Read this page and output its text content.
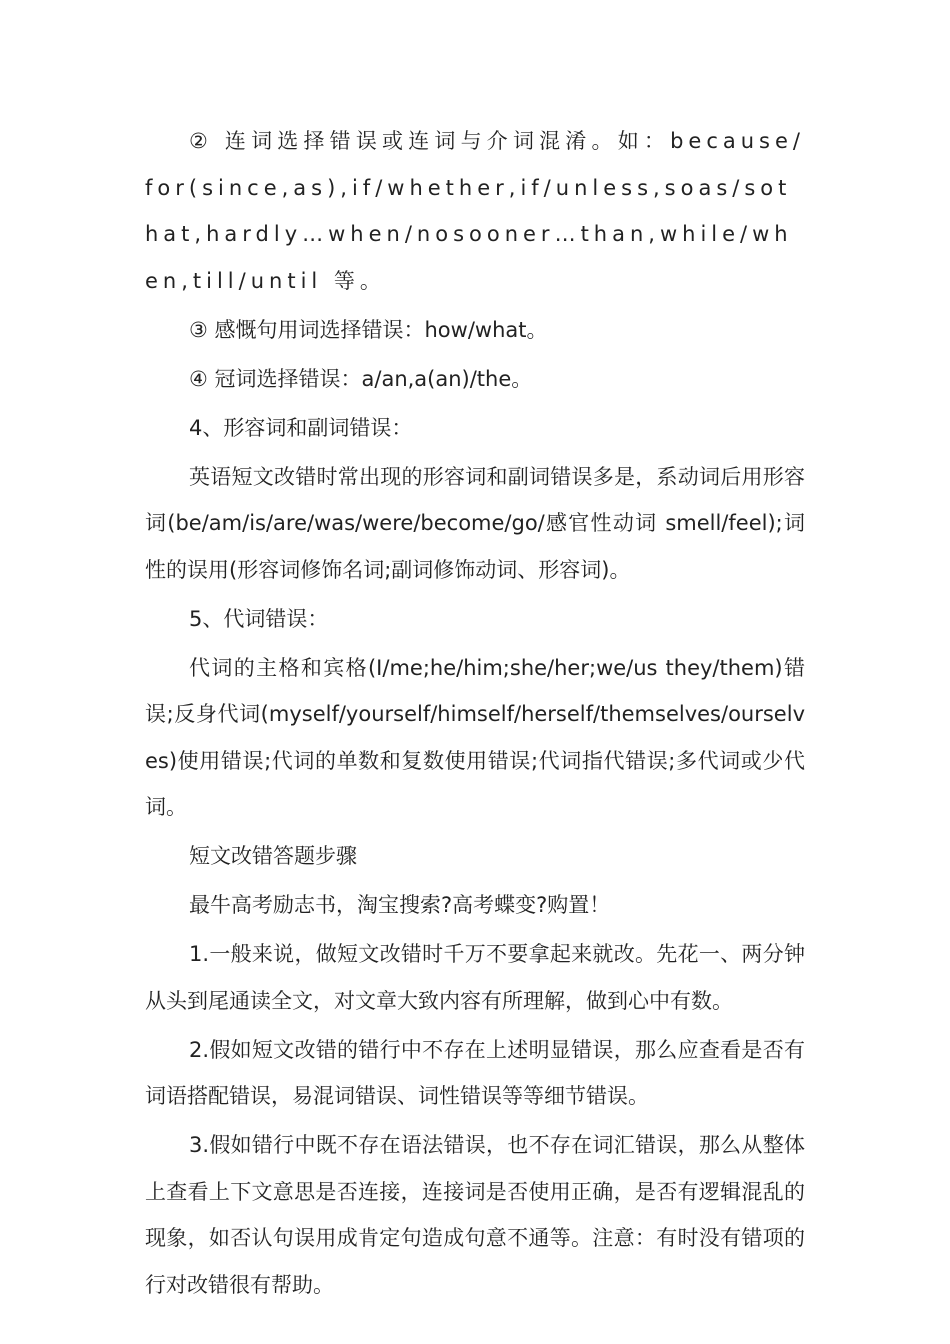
② 连词选择错误或连词与介词混淆。如：because/for(since,as),if/whether,if/unless,soas/sothat,hardly…when/nosooner…than,while/when,till/until 等。

③ 感慨句用词选择错误：how/what。

④ 冠词选择错误：a/an,a(an)/the。

4、形容词和副词错误：

英语短文改错时常出现的形容词和副词错误多是，系动词后用形容词(be/am/is/are/was/were/become/go/感官性动词 smell/feel);词性的误用(形容词修饰名词;副词修饰动词、形容词)。

5、代词错误：

代词的主格和宾格(I/me;he/him;she/her;we/us they/them)错误;反身代词(myself/yourself/himself/herself/themselves/ourselves)使用错误;代词的单数和复数使用错误;代词指代错误;多代词或少代词。

短文改错答题步骤

最牛高考励志书，淘宝搜索?高考蝶变?购置！

1.一般来说，做短文改错时千万不要拿起来就改。先花一、两分钟从头到尾通读全文，对文章大致内容有所理解，做到心中有数。

2.假如短文改错的错行中不存在上述明显错误，那么应查看是否有词语搭配错误，易混词错误、词性错误等等细节错误。

3.假如错行中既不存在语法错误，也不存在词汇错误，那么从整体上查看上下文意思是否连接，连接词是否使用正确，是否有逻辑混乱的现象，如否认句误用成肯定句造成句意不通等。注意：有时没有错项的行对改错很有帮助。
